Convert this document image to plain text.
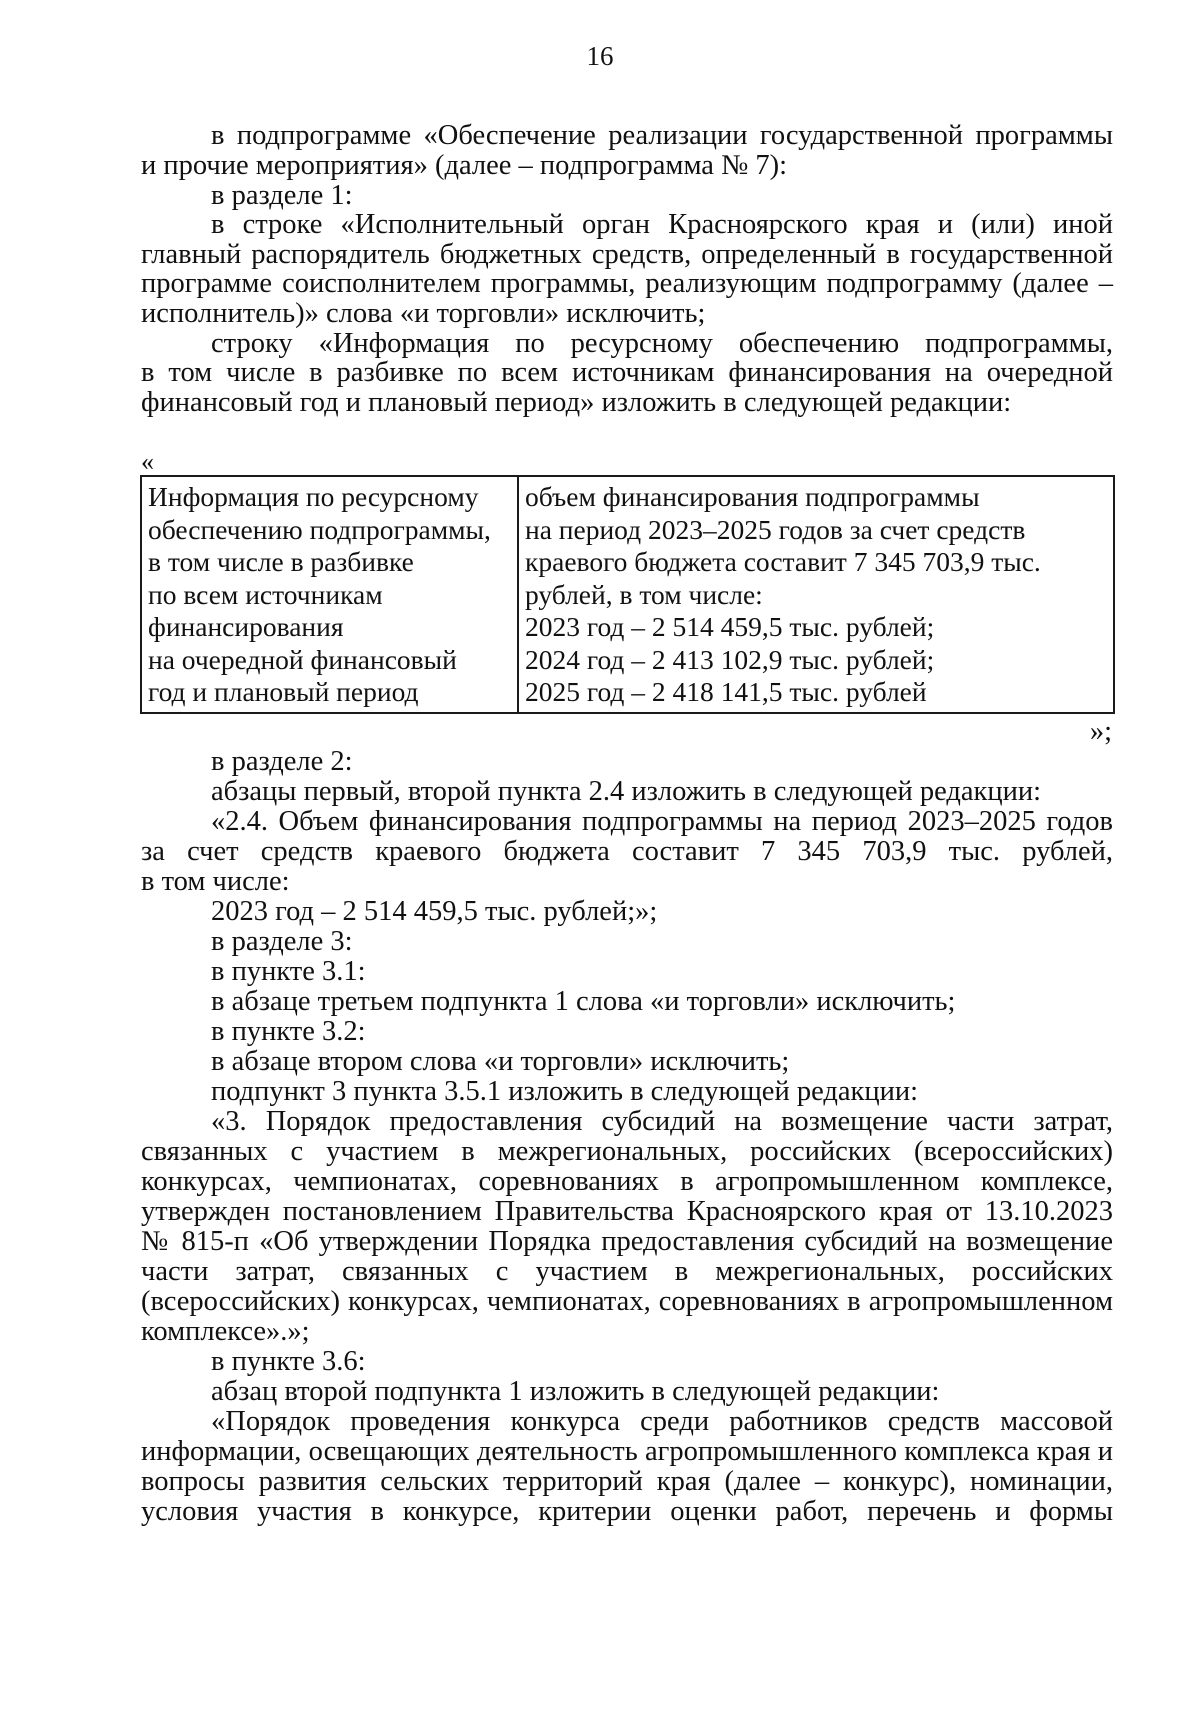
16
в подпрограмме «Обеспечение реализации государственной программы
и прочие мероприятия» (далее – подпрограмма № 7):
в разделе 1:
в строке «Исполнительный орган Красноярского края и (или) иной
главный распорядитель бюджетных средств, определенный в государственной
программе соисполнителем программы, реализующим подпрограмму (далее –
исполнитель)» слова «и торговли» исключить;
строку «Информация по ресурсному обеспечению подпрограммы,
в том числе в разбивке по всем источникам финансирования на очередной
финансовый год и плановый период» изложить в следующей редакции:
«
Информация по ресурсному
обеспечению подпрограммы,
в том числе в разбивке
по всем источникам
финансирования
на очередной финансовый
год и плановый период

объем финансирования подпрограммы
на период 2023–2025 годов за счет средств
краевого бюджета составит 7 345 703,9 тыс.
рублей, в том числе:
2023 год – 2 514 459,5 тыс. рублей;
2024 год – 2 413 102,9 тыс. рублей;
2025 год – 2 418 141,5 тыс. рублей
»;
в разделе 2:
абзацы первый, второй пункта 2.4 изложить в следующей редакции:
«2.4. Объем финансирования подпрограммы на период 2023–2025 годов
за счет средств краевого бюджета составит 7 345 703,9 тыс. рублей,
в том числе:
2023 год – 2 514 459,5 тыс. рублей;»;
в разделе 3:
в пункте 3.1:
в абзаце третьем подпункта 1 слова «и торговли» исключить;
в пункте 3.2:
в абзаце втором слова «и торговли» исключить;
подпункт 3 пункта 3.5.1 изложить в следующей редакции:
«3. Порядок предоставления субсидий на возмещение части затрат,
связанных с участием в межрегиональных, российских (всероссийских)
конкурсах, чемпионатах, соревнованиях в агропромышленном комплексе,
утвержден постановлением Правительства Красноярского края от 13.10.2023
№ 815-п «Об утверждении Порядка предоставления субсидий на возмещение
части затрат, связанных с участием в межрегиональных, российских
(всероссийских) конкурсах, чемпионатах, соревнованиях в агропромышленном
комплексе».»;
в пункте 3.6:
абзац второй подпункта 1 изложить в следующей редакции:
«Порядок проведения конкурса среди работников средств массовой
информации, освещающих деятельность агропромышленного комплекса края и
вопросы развития сельских территорий края (далее – конкурс), номинации,
условия участия в конкурсе, критерии оценки работ, перечень и формы
